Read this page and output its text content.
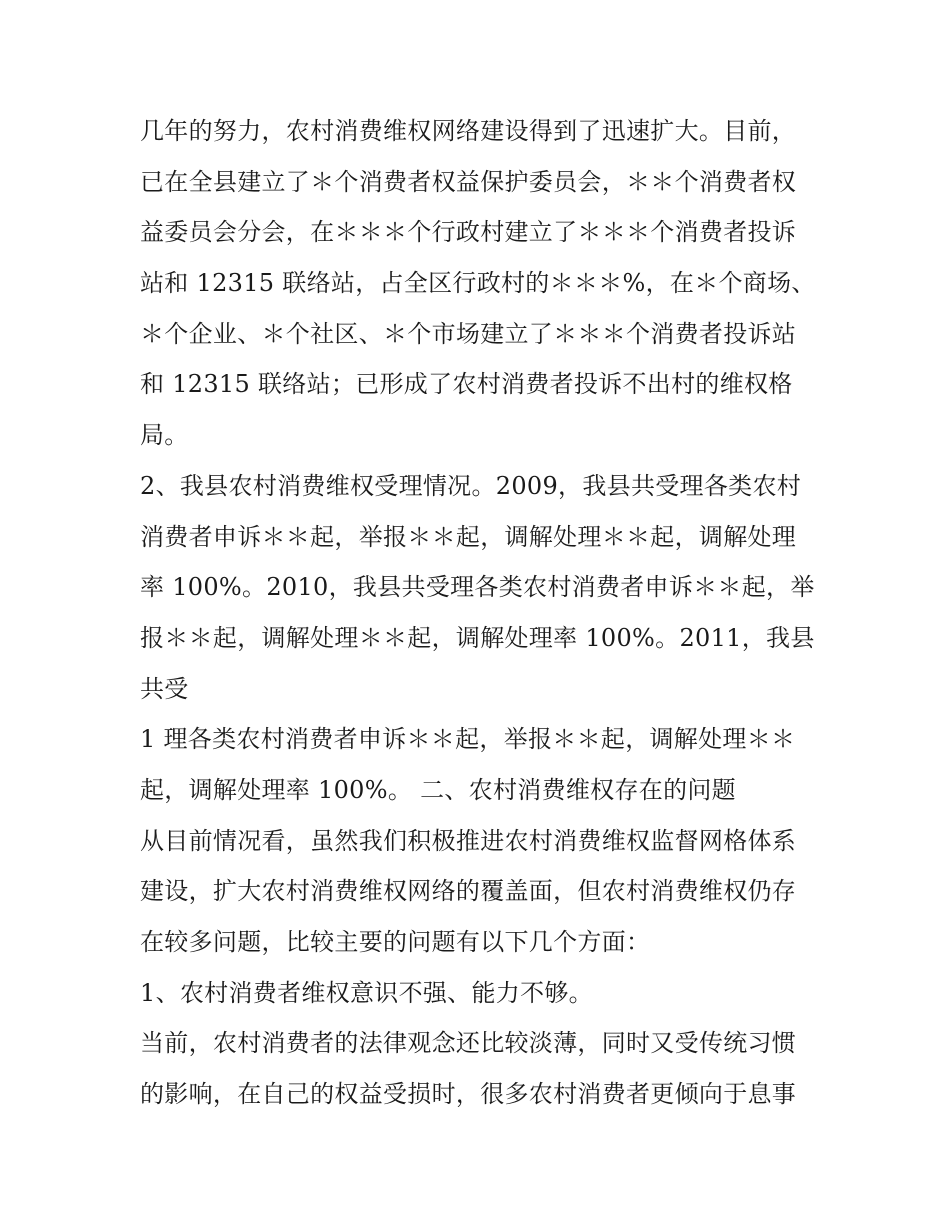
几年的努力，农村消费维权网络建设得到了迅速扩大。目前，
已在全县建立了＊个消费者权益保护委员会，＊＊个消费者权
益委员会分会，在＊＊＊个行政村建立了＊＊＊个消费者投诉
站和 12315 联络站，占全区行政村的＊＊＊%，在＊个商场、
＊个企业、＊个社区、＊个市场建立了＊＊＊个消费者投诉站
和 12315 联络站；已形成了农村消费者投诉不出村的维权格
局。
2、我县农村消费维权受理情况。2009，我县共受理各类农村
消费者申诉＊＊起，举报＊＊起，调解处理＊＊起，调解处理
率 100%。2010，我县共受理各类农村消费者申诉＊＊起，举
报＊＊起，调解处理＊＊起，调解处理率 100%。2011，我县
共受
1 理各类农村消费者申诉＊＊起，举报＊＊起，调解处理＊＊
起，调解处理率 100%。 二、农村消费维权存在的问题
从目前情况看，虽然我们积极推进农村消费维权监督网格体系
建设，扩大农村消费维权网络的覆盖面，但农村消费维权仍存
在较多问题，比较主要的问题有以下几个方面：
1、农村消费者维权意识不强、能力不够。
当前，农村消费者的法律观念还比较淡薄，同时又受传统习惯
的影响，在自己的权益受损时，很多农村消费者更倾向于息事
